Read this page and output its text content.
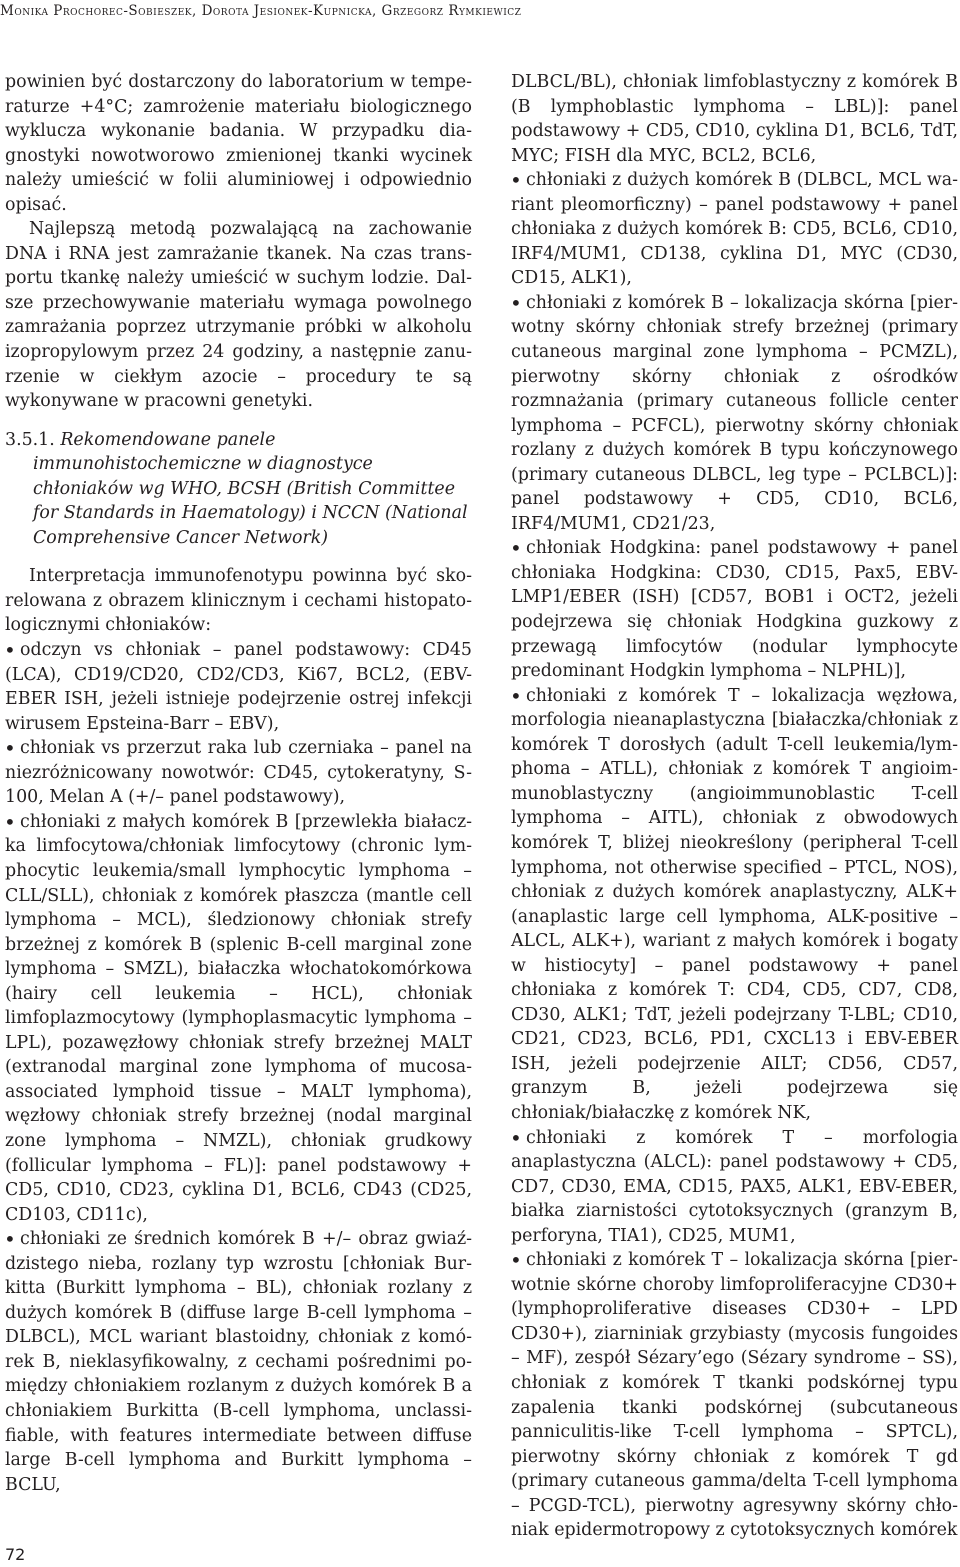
Monika Prochorec-Sobieszek, Dorota Jesionek-Kupnicka, Grzegorz Rymkiewicz

powinien być dostarczony do laboratorium w temperaturze +4°C; zamrożenie materiału biologicznego wyklucza wykonanie badania. W przypadku diagnostyki nowotworowo zmienionej tkanki wycinek należy umieścić w folii aluminiowej i odpowiednio opisać.

Najlepszą metodą pozwalającą na zachowanie DNA i RNA jest zamrażanie tkanek. Na czas transportu tkankę należy umieścić w suchym lodzie. Dalsze przechowywanie materiału wymaga powolnego zamrażania poprzez utrzymanie próbki w alkoholu izopropylowym przez 24 godziny, a następnie zanurzenie w ciekłym azocie – procedury te są wykonywane w pracowni genetyki.

3.5.1. Rekomendowane panele immunohistochemiczne w diagnostyce chłoniaków wg WHO, BCSH (British Committee for Standards in Haematology) i NCCN (National Comprehensive Cancer Network)

Interpretacja immunofenotypu powinna być skorelowana z obrazem klinicznym i cechami histopatologicznymi chłoniaków:

• odczyn vs chłoniak – panel podstawowy: CD45 (LCA), CD19/CD20, CD2/CD3, Ki67, BCL2, (EBV-EBER ISH, jeżeli istnieje podejrzenie ostrej infekcji wirusem Epsteina-Barr – EBV),
• chłoniak vs przerzut raka lub czerniaka – panel na niezróżnicowany nowotwór: CD45, cytokeratyny, S-100, Melan A (+/– panel podstawowy),
• chłoniaki z małych komórek B [przewlekła białaczka limfocytowa/chłoniak limfocytowy (chronic lymphocytic leukemia/small lymphocytic lymphoma – CLL/SLL), chłoniak z komórek płaszcza (mantle cell lymphoma – MCL), śledzionowy chłoniak strefy brzeżnej z komórek B (splenic B-cell marginal zone lymphoma – SMZL), białaczka włochatokomórkowa (hairy cell leukemia – HCL), chłoniak limfoplazmocytowy (lymphoplasmacytic lymphoma – LPL), pozawęzłowy chłoniak strefy brzeżnej MALT (extranodal marginal zone lymphoma of mucosa-associated lymphoid tissue – MALT lymphoma), węzłowy chłoniak strefy brzeżnej (nodal marginal zone lymphoma – NMZL), chłoniak grudkowy (follicular lymphoma – FL)]: panel podstawowy + CD5, CD10, CD23, cyklina D1, BCL6, CD43 (CD25, CD103, CD11c),
• chłoniaki ze średnich komórek B +/– obraz gwiaździstego nieba, rozlany typ wzrostu [chłoniak Burkitta (Burkitt lymphoma – BL), chłoniak rozlany z dużych komórek B (diffuse large B-cell lymphoma – DLBCL), MCL wariant blastoidny, chłoniak z komórek B, nieklasyfikowalny, z cechami pośrednimi pomiędzy chłoniakiem rozlanym z dużych komórek B a chłoniakiem Burkitta (B-cell lymphoma, unclassifiable, with features intermediate between diffuse large B-cell lymphoma and Burkitt lymphoma – BCLU,

DLBCL/BL), chłoniak limfoblastyczny z komórek B (B lymphoblastic lymphoma – LBL)]: panel podstawowy + CD5, CD10, cyklina D1, BCL6, TdT, MYC; FISH dla MYC, BCL2, BCL6,

• chłoniaki z dużych komórek B (DLBCL, MCL wariant pleomorficzny) – panel podstawowy + panel chłoniaka z dużych komórek B: CD5, BCL6, CD10, IRF4/MUM1, CD138, cyklina D1, MYC (CD30, CD15, ALK1),
• chłoniaki z komórek B – lokalizacja skórna [pierwotny skórny chłoniak strefy brzeżnej (primary cutaneous marginal zone lymphoma – PCMZL), pierwotny skórny chłoniak z ośrodków rozmnażania (primary cutaneous follicle center lymphoma – PCFCL), pierwotny skórny chłoniak rozlany z dużych komórek B typu kończynowego (primary cutaneous DLBCL, leg type – PCLBCL)]: panel podstawowy + CD5, CD10, BCL6, IRF4/MUM1, CD21/23,
• chłoniak Hodgkina: panel podstawowy + panel chłoniaka Hodgkina: CD30, CD15, Pax5, EBV-LMP1/EBER (ISH) [CD57, BOB1 i OCT2, jeżeli podejrzewa się chłoniak Hodgkina guzkowy z przewagą limfocytów (nodular lymphocyte predominant Hodgkin lymphoma – NLPHL)],
• chłoniaki z komórek T – lokalizacja węzłowa, morfologia nieanaplastyczna [białaczka/chłoniak z komórek T dorosłych (adult T-cell leukemia/lymphoma – ATLL), chłoniak z komórek T angioimmunoblastyczny (angioimmunoblastic T-cell lymphoma – AITL), chłoniak z obwodowych komórek T, bliżej nieokreślony (peripheral T-cell lymphoma, not otherwise specified – PTCL, NOS), chłoniak z dużych komórek anaplastyczny, ALK+ (anaplastic large cell lymphoma, ALK-positive – ALCL, ALK+), wariant z małych komórek i bogaty w histiocyty] – panel podstawowy + panel chłoniaka z komórek T: CD4, CD5, CD7, CD8, CD30, ALK1; TdT, jeżeli podejrzany T-LBL; CD10, CD21, CD23, BCL6, PD1, CXCL13 i EBV-EBER ISH, jeżeli podejrzenie AILT; CD56, CD57, granzym B, jeżeli podejrzewa się chłoniak/białaczkę z komórek NK,
• chłoniaki z komórek T – morfologia anaplastyczna (ALCL): panel podstawowy + CD5, CD7, CD30, EMA, CD15, PAX5, ALK1, EBV-EBER, białka ziarnistości cytotoksycznych (granzym B, perforyna, TIA1), CD25, MUM1,
• chłoniaki z komórek T – lokalizacja skórna [pierwotnie skórne choroby limfoproliferacyjne CD30+ (lymphoproliferative diseases CD30+ – LPD CD30+), ziarniniak grzybiasty (mycosis fungoides – MF), zespół Sézary’ego (Sézary syndrome – SS), chłoniak z komórek T tkanki podskórnej typu zapalenia tkanki podskórnej (subcutaneous panniculitis-like T-cell lymphoma – SPTCL), pierwotny skórny chłoniak z komórek T gd (primary cutaneous gamma/delta T-cell lymphoma – PCGD-TCL), pierwotny agresywny skórny chłoniak epidermotropowy z cytotoksycznych komórek
72
